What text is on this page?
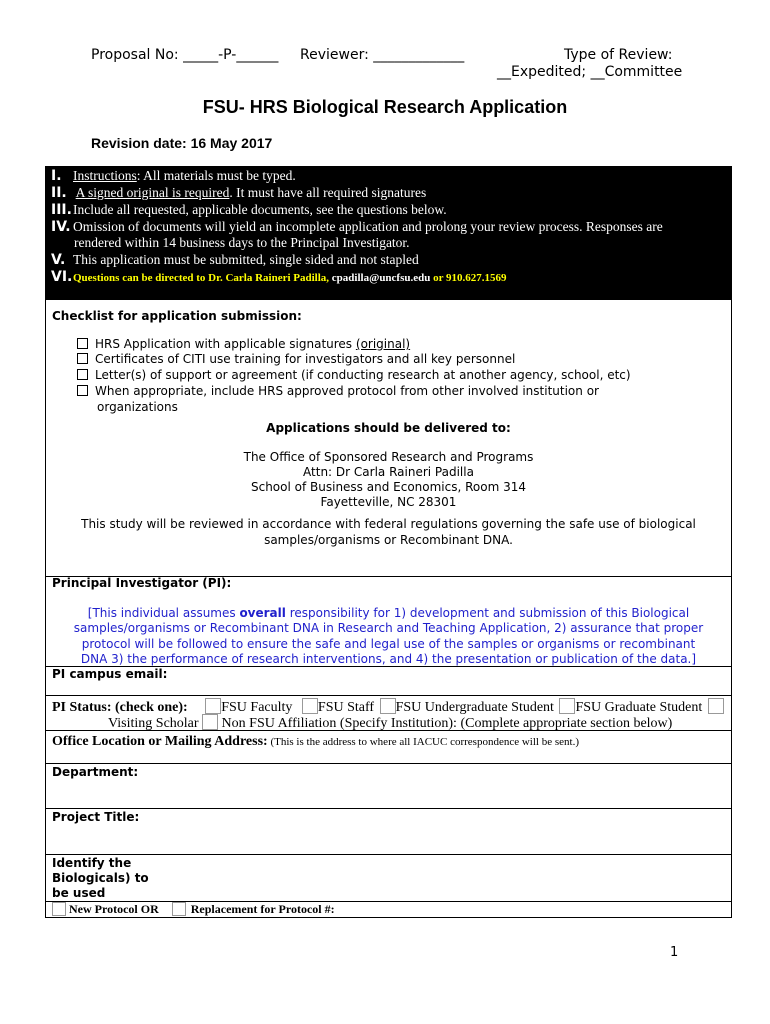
Proposal No: _____-P-______ Reviewer: _____________	Type of Review:
__Expedited; __Committee
FSU- HRS Biological Research Application
Revision date: 16 May 2017
I. Instructions: All materials must be typed.
II. A signed original is required. It must have all required signatures
III.Include all requested, applicable documents, see the questions below.
IV. Omission of documents will yield an incomplete application and prolong your review process. Responses are
rendered within 14 business days to the Principal Investigator.
V. This application must be submitted, single sided and not stapled
VI.Questions can be directed to Dr. Carla Raineri Padilla, cpadilla@uncfsu.edu or 910.627.1569
Checklist for application submission:
HRS Application with applicable signatures (original)
Certificates of CITI use training for investigators and all key personnel
Letter(s) of support or agreement (if conducting research at another agency, school, etc)
When appropriate, include HRS approved protocol from other involved institution or
organizations
Applications should be delivered to:
The Office of Sponsored Research and Programs
Attn: Dr Carla Raineri Padilla
School of Business and Economics, Room 314
Fayetteville, NC 28301
This study will be reviewed in accordance with federal regulations governing the safe use of biological
samples/organisms or Recombinant DNA.
Principal Investigator (PI):
[This individual assumes overall responsibility for 1) development and submission of this Biological
samples/organisms or Recombinant DNA in Research and Teaching Application, 2) assurance that proper
protocol will be followed to ensure the safe and legal use of the samples or organisms or recombinant
DNA 3) the performance of research interventions, and 4) the presentation or publication of the data.]
PI campus email:
PI Status: (check one): FSU Faculty FSU Staff FSU Undergraduate Student FSU Graduate Student
Visiting Scholar Non FSU Affiliation (Specify Institution): (Complete appropriate section below)
Office Location or Mailing Address: (This is the address to where all IACUC correspondence will be sent.)
Department:
Project Title:
Identify the
Biologicals) to
be used
New Protocol OR	Replacement for Protocol #:
1
